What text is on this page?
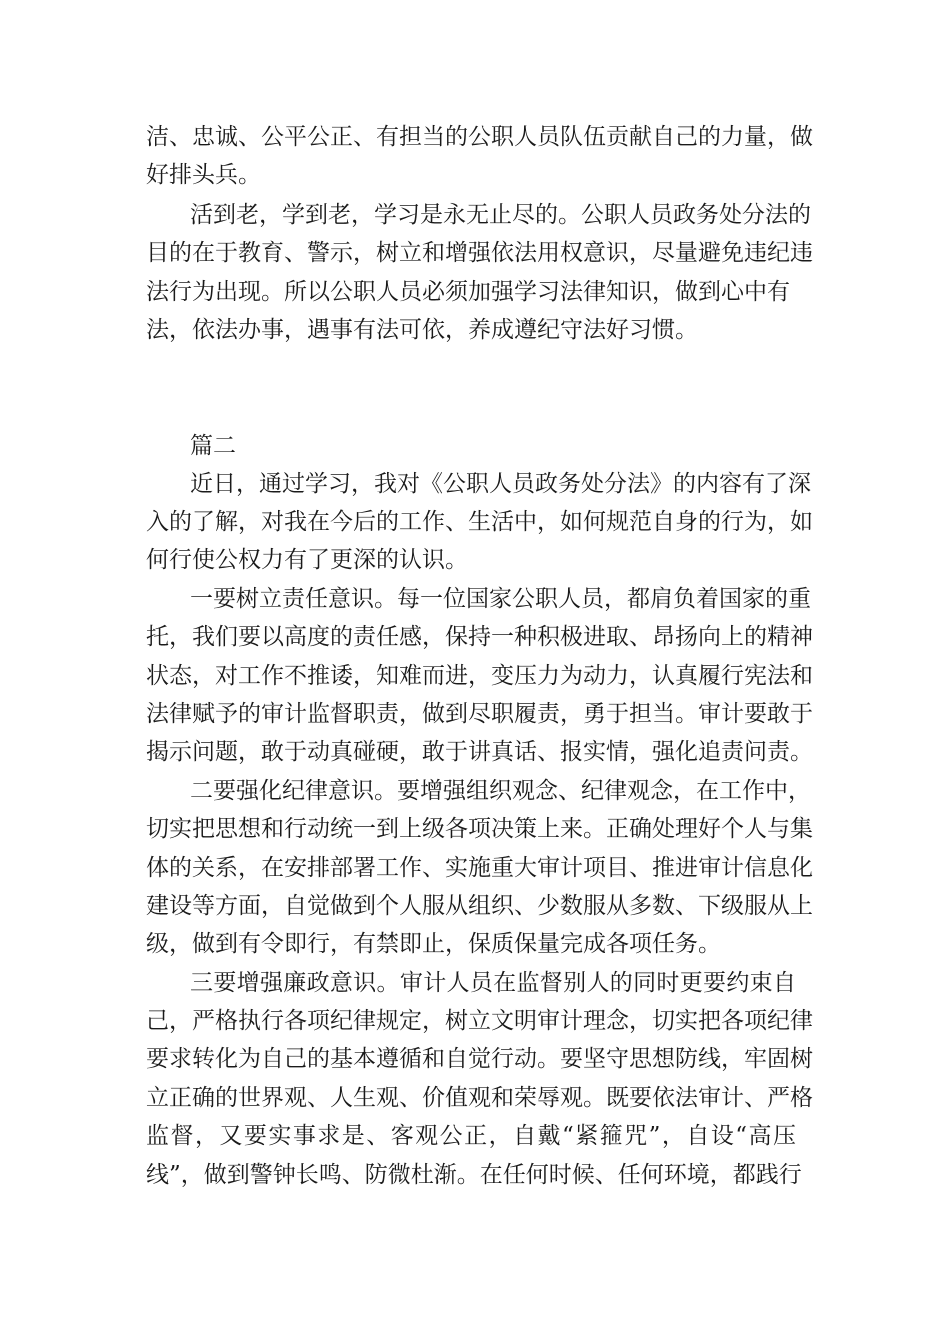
洁、忠诚、公平公正、有担当的公职人员队伍贡献自己的力量，做
好排头兵。
活到老，学到老，学习是永无止尽的。公职人员政务处分法的
目的在于教育、警示，树立和增强依法用权意识，尽量避免违纪违
法行为出现。所以公职人员必须加强学习法律知识，做到心中有
法，依法办事，遇事有法可依，养成遵纪守法好习惯。
篇二
近日，通过学习，我对《公职人员政务处分法》的内容有了深
入的了解，对我在今后的工作、生活中，如何规范自身的行为，如
何行使公权力有了更深的认识。
一要树立责任意识。每一位国家公职人员，都肩负着国家的重
托，我们要以高度的责任感，保持一种积极进取、昂扬向上的精神
状态，对工作不推诿，知难而进，变压力为动力，认真履行宪法和
法律赋予的审计监督职责，做到尽职履责，勇于担当。审计要敢于
揭示问题，敢于动真碰硬，敢于讲真话、报实情，强化追责问责。
二要强化纪律意识。要增强组织观念、纪律观念，在工作中，
切实把思想和行动统一到上级各项决策上来。正确处理好个人与集
体的关系，在安排部署工作、实施重大审计项目、推进审计信息化
建设等方面，自觉做到个人服从组织、少数服从多数、下级服从上
级，做到有令即行，有禁即止，保质保量完成各项任务。
三要增强廉政意识。审计人员在监督别人的同时更要约束自
己，严格执行各项纪律规定，树立文明审计理念，切实把各项纪律
要求转化为自己的基本遵循和自觉行动。要坚守思想防线，牢固树
立正确的世界观、人生观、价值观和荣辱观。既要依法审计、严格
监督，又要实事求是、客观公正，自戴“紧箍咒”，自设“高压
线”，做到警钟长鸣、防微杜渐。在任何时候、任何环境，都践行
